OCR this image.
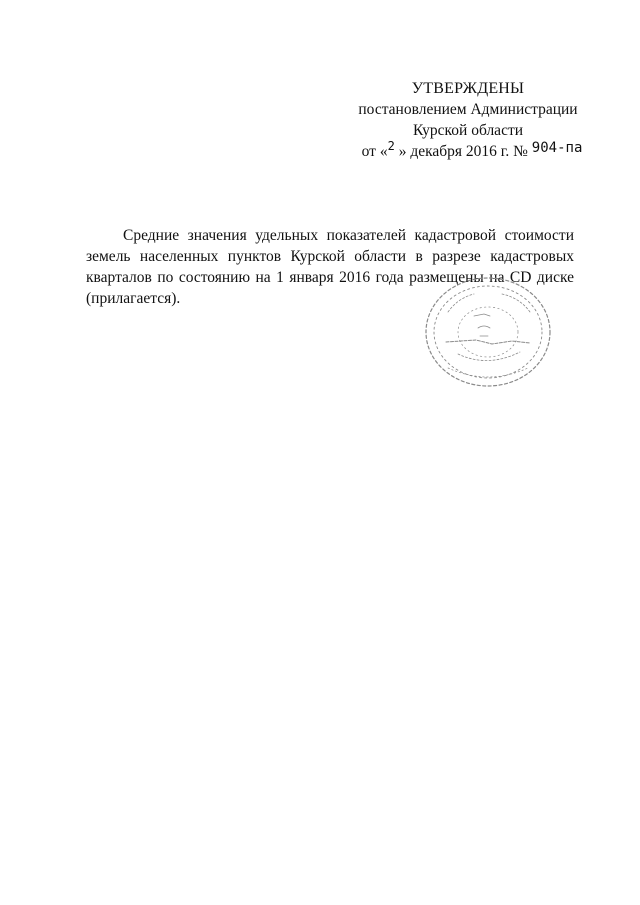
УТВЕРЖДЕНЫ
постановлением Администрации
Курской области
от «$^2$ » декабря 2016 г. № 904-па

Средние значения удельных показателей кадастровой стоимости земель населенных пунктов Курской области в разрезе кадастровых кварталов по состоянию на 1 января 2016 года размещены на CD диске (прилагается).
